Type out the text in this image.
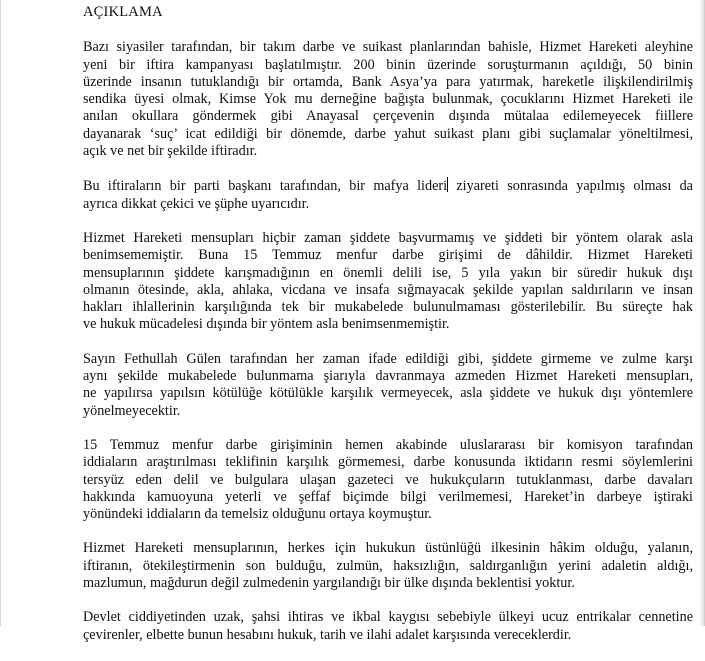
AÇIKLAMA
Bazı siyasiler tarafından, bir takım darbe ve suikast planlarından bahisle, Hizmet Hareketi aleyhine
yeni bir iftira kampanyası başlatılmıştır. 200 binin üzerinde soruşturmanın açıldığı, 50 binin
üzerinde insanın tutuklandığı bir ortamda, Bank Asya’ya para yatırmak, hareketle ilişkilendirilmiş
sendika üyesi olmak, Kimse Yok mu derneğine bağışta bulunmak, çocuklarını Hizmet Hareketi ile
anılan okullara göndermek gibi Anayasal çerçevenin dışında mütalaa edilemeyecek fiillere
dayanarak ‘suç’ icat edildiği bir dönemde, darbe yahut suikast planı gibi suçlamalar yöneltilmesi,
açık ve net bir şekilde iftiradır.
Bu iftiraların bir parti başkanı tarafından, bir mafya lideri ziyareti sonrasında yapılmış olması da
ayrıca dikkat çekici ve şüphe uyarıcıdır.
Hizmet Hareketi mensupları hiçbir zaman şiddete başvurmamış ve şiddeti bir yöntem olarak asla
benimsememiştir. Buna 15 Temmuz menfur darbe girişimi de dâhildir. Hizmet Hareketi
mensuplarının şiddete karışmadığının en önemli delili ise, 5 yıla yakın bir süredir hukuk dışı
olmanın ötesinde, akla, ahlaka, vicdana ve insafa sığmayacak şekilde yapılan saldırıların ve insan
hakları ihlallerinin karşılığında tek bir mukabelede bulunulmaması gösterilebilir. Bu süreçte hak
ve hukuk mücadelesi dışında bir yöntem asla benimsenmemiştir.
Sayın Fethullah Gülen tarafından her zaman ifade edildiği gibi, şiddete girmeme ve zulme karşı
aynı şekilde mukabelede bulunmama şiarıyla davranmaya azmeden Hizmet Hareketi mensupları,
ne yapılırsa yapılsın kötülüğe kötülükle karşılık vermeyecek, asla şiddete ve hukuk dışı yöntemlere
yönelmeyecektir.
15 Temmuz menfur darbe girişiminin hemen akabinde uluslararası bir komisyon tarafından
iddiaların araştırılması teklifinin karşılık görmemesi, darbe konusunda iktidarın resmi söylemlerini
tersyüz eden delil ve bulgulara ulaşan gazeteci ve hukukçuların tutuklanması, darbe davaları
hakkında kamuoyuna yeterli ve şeffaf biçimde bilgi verilmemesi, Hareket’in darbeye iştiraki
yönündeki iddiaların da temelsiz olduğunu ortaya koymuştur.
Hizmet Hareketi mensuplarının, herkes için hukukun üstünlüğü ilkesinin hâkim olduğu, yalanın,
iftiranın, ötekileştirmenin son bulduğu, zulmün, haksızlığın, saldırganlığın yerini adaletin aldığı,
mazlumun, mağdurun değil zulmedenin yargılandığı bir ülke dışında beklentisi yoktur.
Devlet ciddiyetinden uzak, şahsi ihtiras ve ikbal kaygısı sebebiyle ülkeyi ucuz entrikalar cennetine
çevirenler, elbette bunun hesabını hukuk, tarih ve ilahi adalet karşısında vereceklerdir.
